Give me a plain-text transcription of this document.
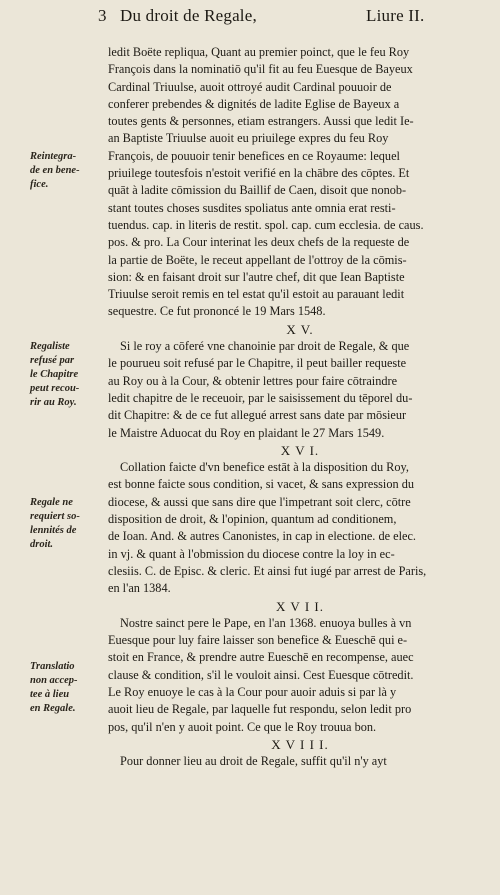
3 Du droit de Regale,	Liure II.
Reintegra-
de en bene-
fice.
Regaliste
refusé par
le Chapitre
peut recou-
rir au Roy.
Regale ne
requiert so-
lennités de
droit.
Translatio
non accep-
tee à lieu
en Regale.
ledit Boëte repliqua, Quant au premier poinct, que le feu Roy
François dans la nominatiō qu'il fit au feu Euesque de Bayeux
Cardinal Triuulse, auoit ottroyé audit Cardinal pouuoir de
conferer prebendes & dignités de ladite Eglise de Bayeux a
toutes gents & personnes, etiam estrangers. Aussi que ledit Ie-
an Baptiste Triuulse auoit eu priuilege expres du feu Roy
François, de pouuoir tenir benefices en ce Royaume: lequel
priuilege toutesfois n'estoit verifié en la chābre des cōptes. Et
quāt à ladite cōmission du Baillif de Caen, disoit que nonob-
stant toutes choses susdites spoliatus ante omnia erat resti-
tuendus. cap. in literis de restit. spol. cap. cum ecclesia. de caus.
pos. & pro. La Cour interinat les deux chefs de la requeste de
la partie de Boëte, le receut appellant de l'ottroy de la cōmis-
sion: & en faisant droit sur l'autre chef, dit que Iean Baptiste
Triuulse seroit remis en tel estat qu'il estoit au parauant ledit
sequestre. Ce fut prononcé le 19 Mars 1548.
X V.
Si le roy a cōferé vne chanoinie par droit de Regale, & que
le pourueu soit refusé par le Chapitre, il peut bailler requeste
au Roy ou à la Cour, & obtenir lettres pour faire cōtraindre
ledit chapitre de le receuoir, par le saisissement du tēporel du-
dit Chapitre: & de ce fut allegué arrest sans date par mōsieur
le Maistre Aduocat du Roy en plaidant le 27 Mars 1549.
X V I.
Collation faicte d'vn benefice estāt à la disposition du Roy,
est bonne faicte sous condition, si vacet, & sans expression du
diocese, & aussi que sans dire que l'impetrant soit clerc, cōtre
disposition de droit, & l'opinion, quantum ad conditionem,
de Ioan. And. & autres Canonistes, in cap in electione. de elec.
in vj. & quant à l'obmission du diocese contre la loy in ec-
clesiis. C. de Episc. & cleric. Et ainsi fut iugé par arrest de Paris,
en l'an 1384.
X V I I.
Nostre sainct pere le Pape, en l'an 1368. enuoya bulles à vn
Euesque pour luy faire laisser son benefice & Eueschē qui e-
stoit en France, & prendre autre Eueschē en recompense, auec
clause & condition, s'il le vouloit ainsi. Cest Euesque cōtredit.
Le Roy enuoye le cas à la Cour pour auoir aduis si par là y
auoit lieu de Regale, par laquelle fut respondu, selon ledit pro
pos, qu'il n'en y auoit point. Ce que le Roy trouua bon.
X V I I I.
Pour donner lieu au droit de Regale, suffit qu'il n'y ayt
